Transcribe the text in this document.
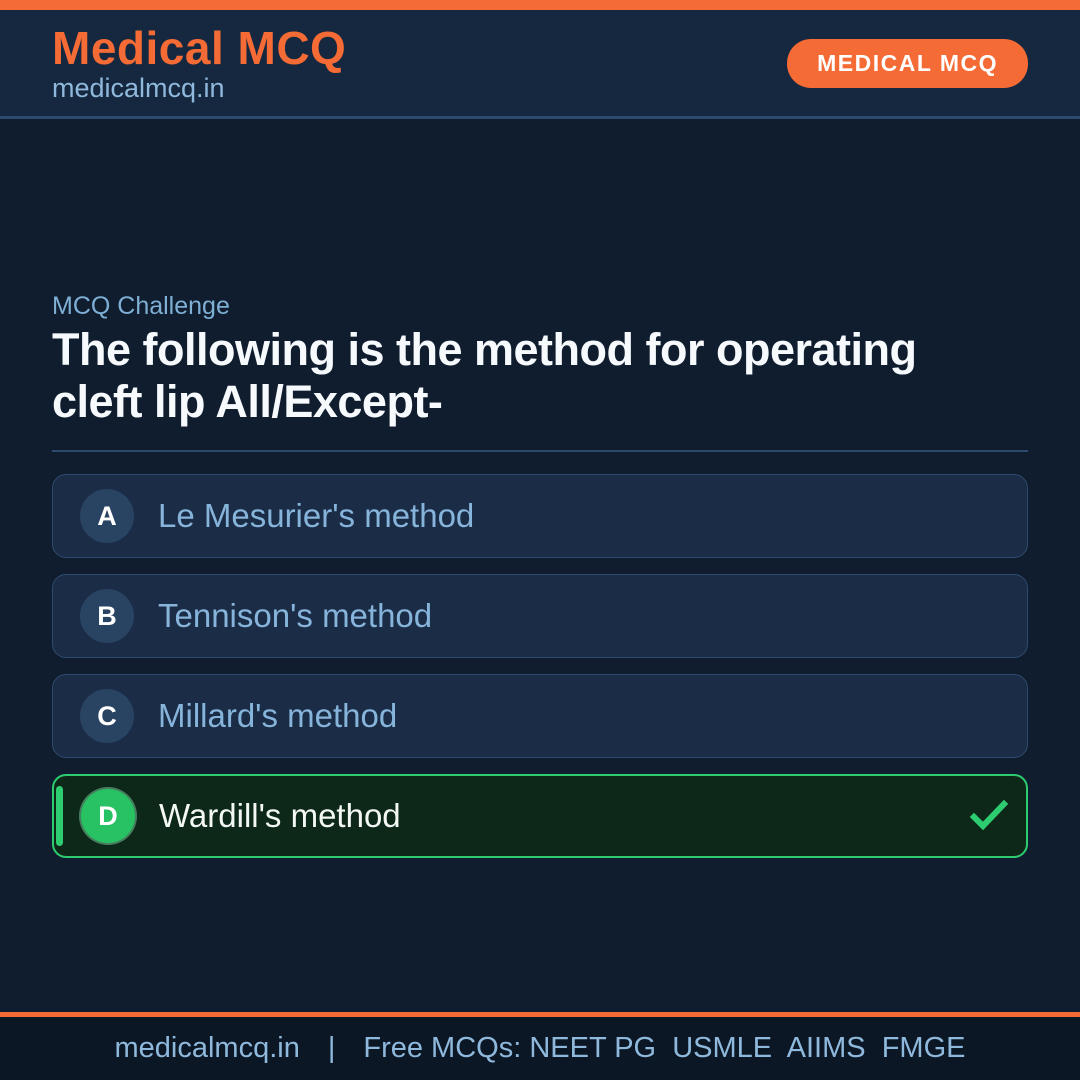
Medical MCQ
medicalmcq.in
MEDICAL MCQ
MCQ Challenge
The following is the method for operating cleft lip All/Except-
A	Le Mesurier's method
B	Tennison's method
C	Millard's method
D	Wardill's method
medicalmcq.in | Free MCQs: NEET PG  USMLE  AIIMS  FMGE
